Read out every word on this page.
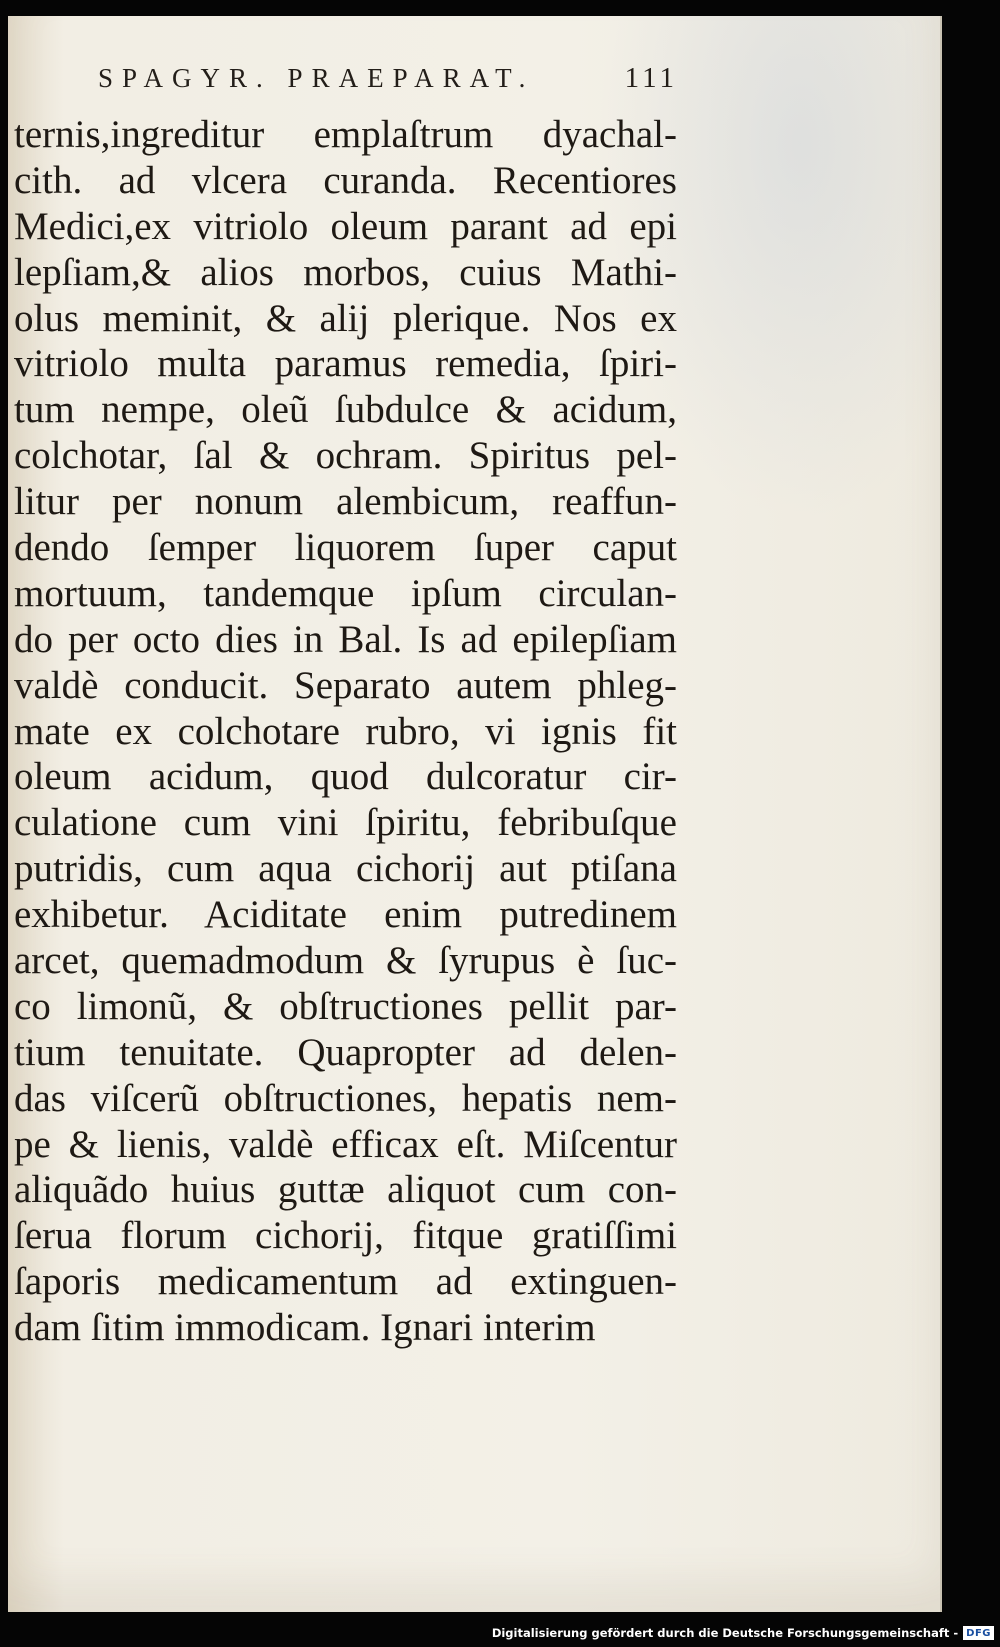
SPAGYR. PRAEPARAT.	111
ternis,ingreditur emplaſtrum dyachal-
cith. ad vlcera curanda. Recentiores
Medici,ex vitriolo oleum parant ad epi
lepſiam,& alios morbos, cuius Mathi-
olus meminit, & alij plerique. Nos ex
vitriolo multa paramus remedia, ſpiri-
tum nempe, oleũ ſubdulce & acidum,
colchotar, ſal & ochram. Spiritus pel-
litur per nonum alembicum, reaffun-
dendo ſemper liquorem ſuper caput
mortuum, tandemque ipſum circulan-
do per octo dies in Bal. Is ad epilepſiam
valdè conducit. Separato autem phleg-
mate ex colchotare rubro, vi ignis fit
oleum acidum, quod dulcoratur cir-
culatione cum vini ſpiritu, febribuſque
putridis, cum aqua cichorij aut ptiſana
exhibetur. Aciditate enim putredinem
arcet, quemadmodum & ſyrupus è ſuc-
co limonũ, & obſtructiones pellit par-
tium tenuitate. Quapropter ad delen-
das viſcerũ obſtructiones, hepatis nem-
pe & lienis, valdè efficax eſt. Miſcentur
aliquãdo huius guttæ aliquot cum con-
ſerua florum cichorij, fitque gratiſſimi
ſaporis medicamentum ad extinguen-
dam ſitim immodicam. Ignari interim
Digitalisierung gefördert durch die Deutsche Forschungsgemeinschaft - DFG
